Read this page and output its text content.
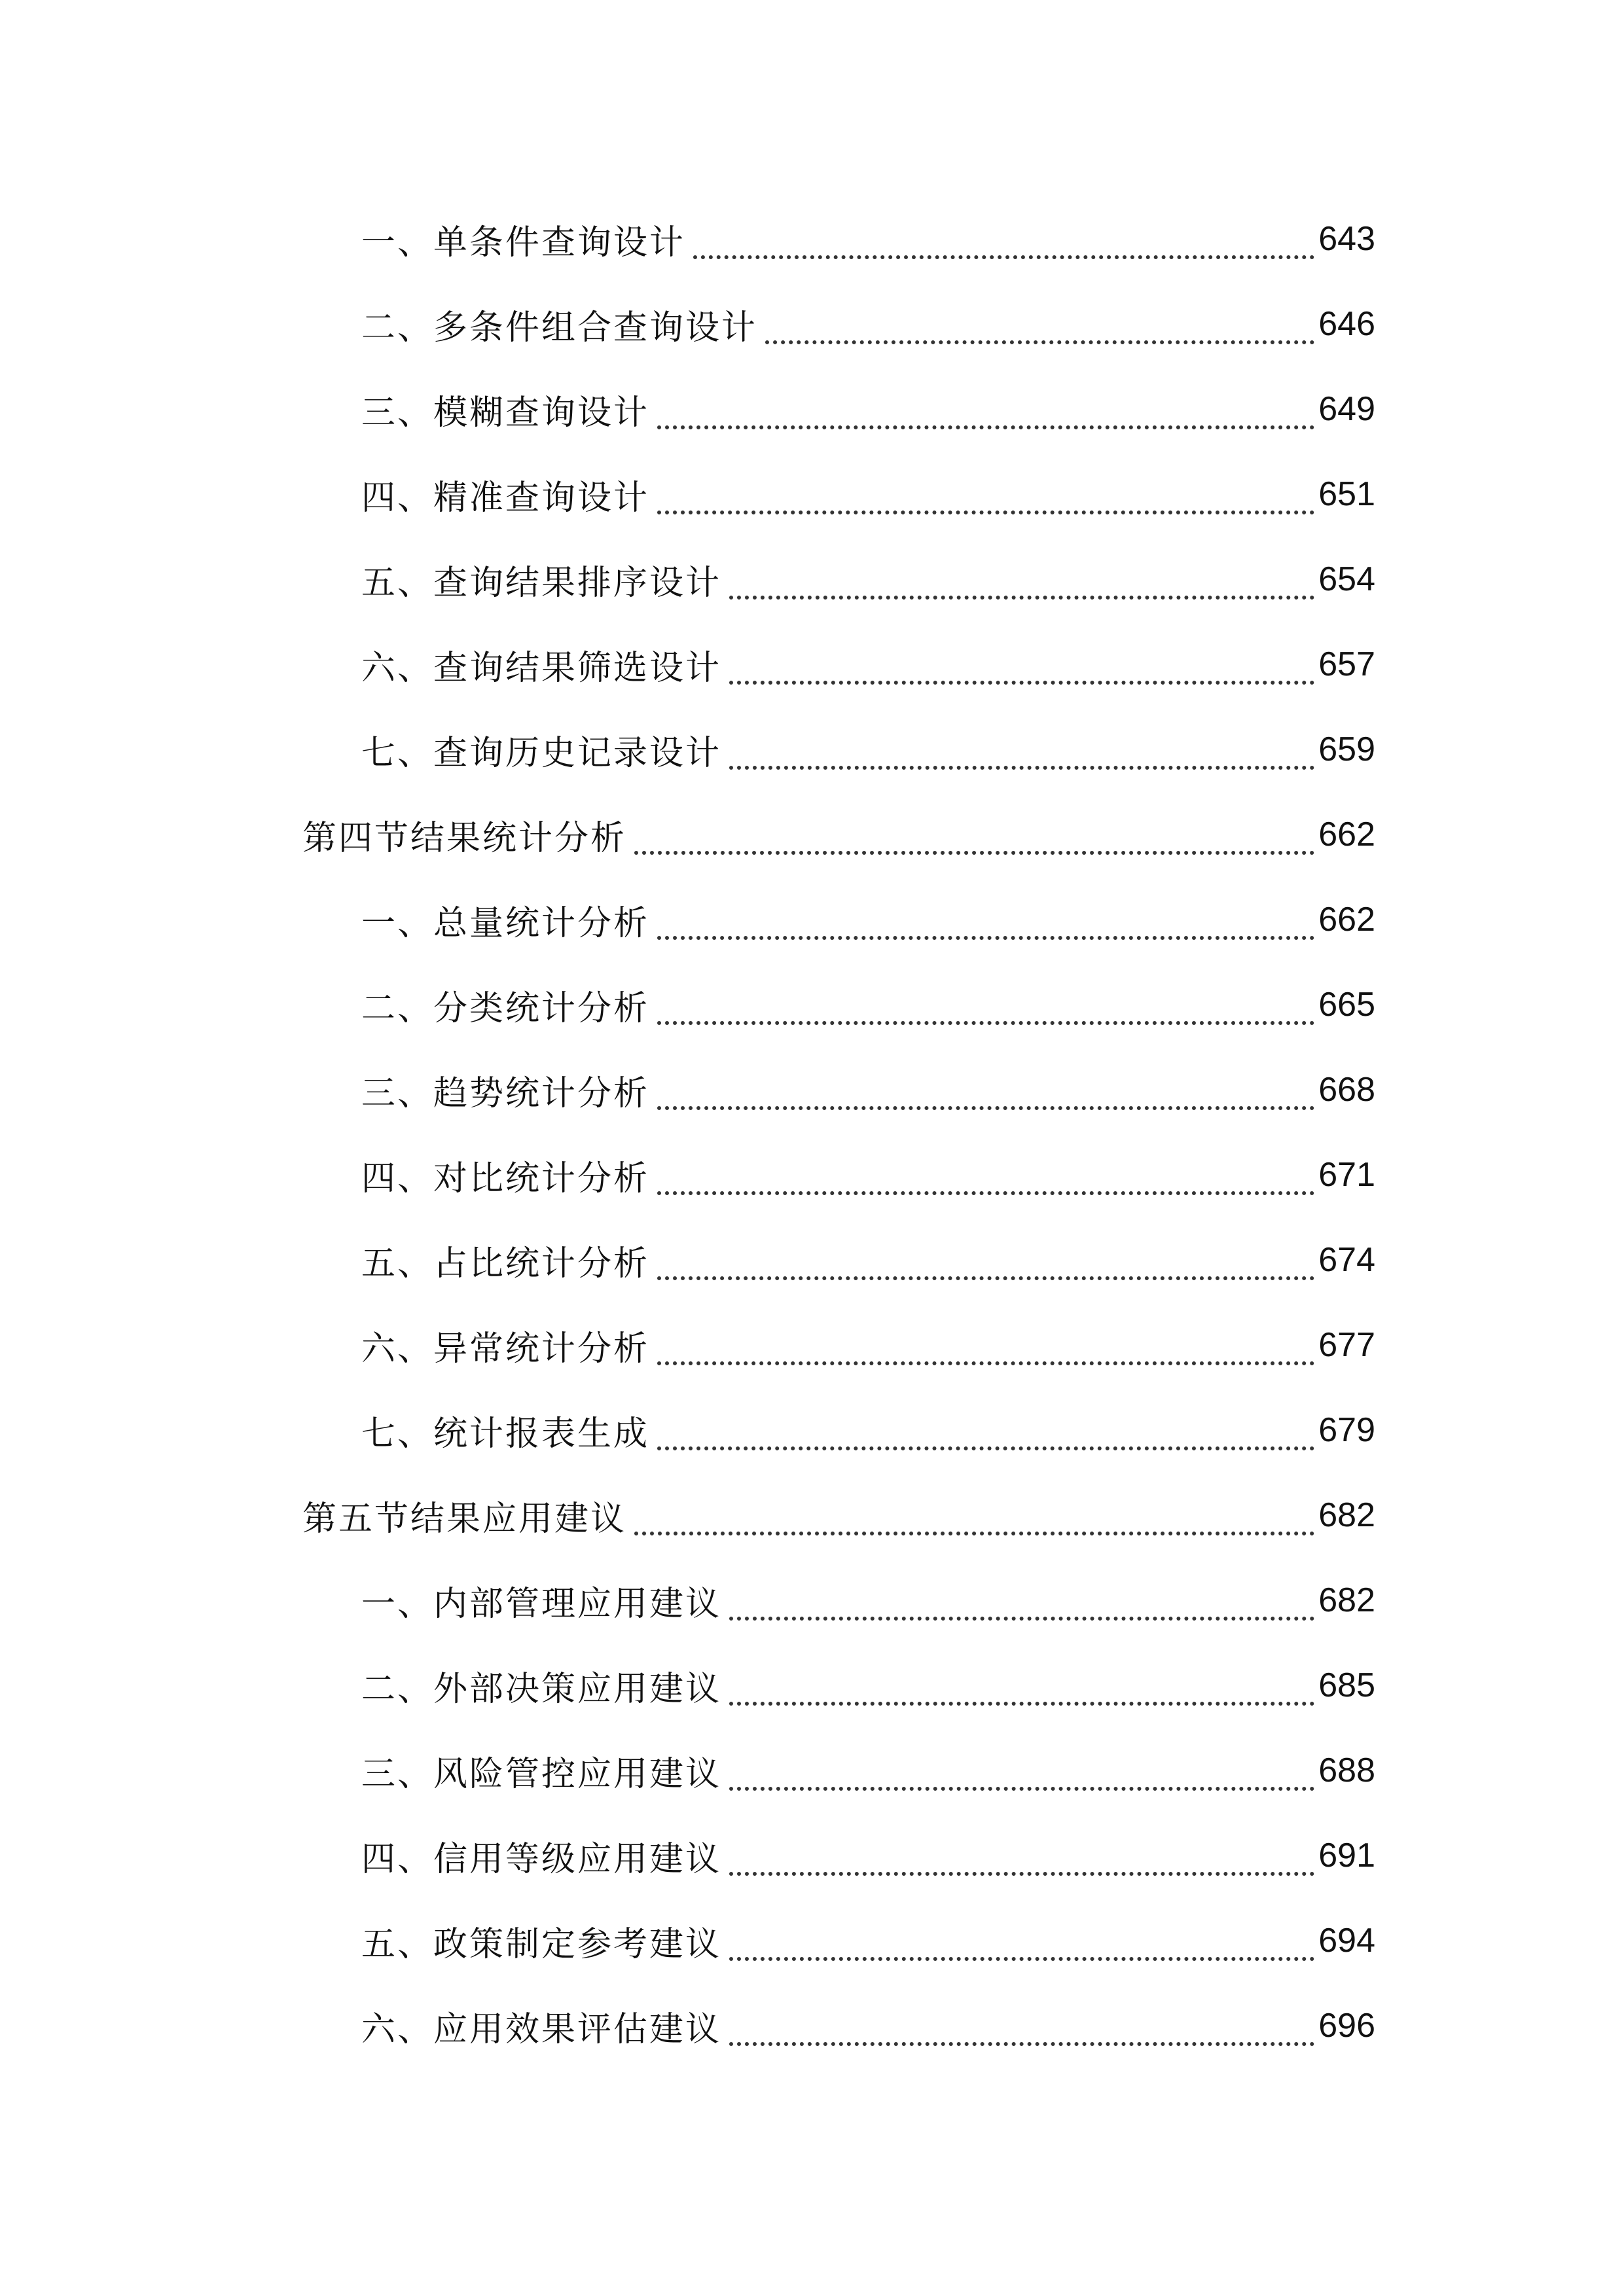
一、单条件查询设计	643
二、多条件组合查询设计	646
三、模糊查询设计	649
四、精准查询设计	651
五、查询结果排序设计	654
六、查询结果筛选设计	657
七、查询历史记录设计	659
第四节结果统计分析	662
一、总量统计分析	662
二、分类统计分析	665
三、趋势统计分析	668
四、对比统计分析	671
五、占比统计分析	674
六、异常统计分析	677
七、统计报表生成	679
第五节结果应用建议	682
一、内部管理应用建议	682
二、外部决策应用建议	685
三、风险管控应用建议	688
四、信用等级应用建议	691
五、政策制定参考建议	694
六、应用效果评估建议	696
